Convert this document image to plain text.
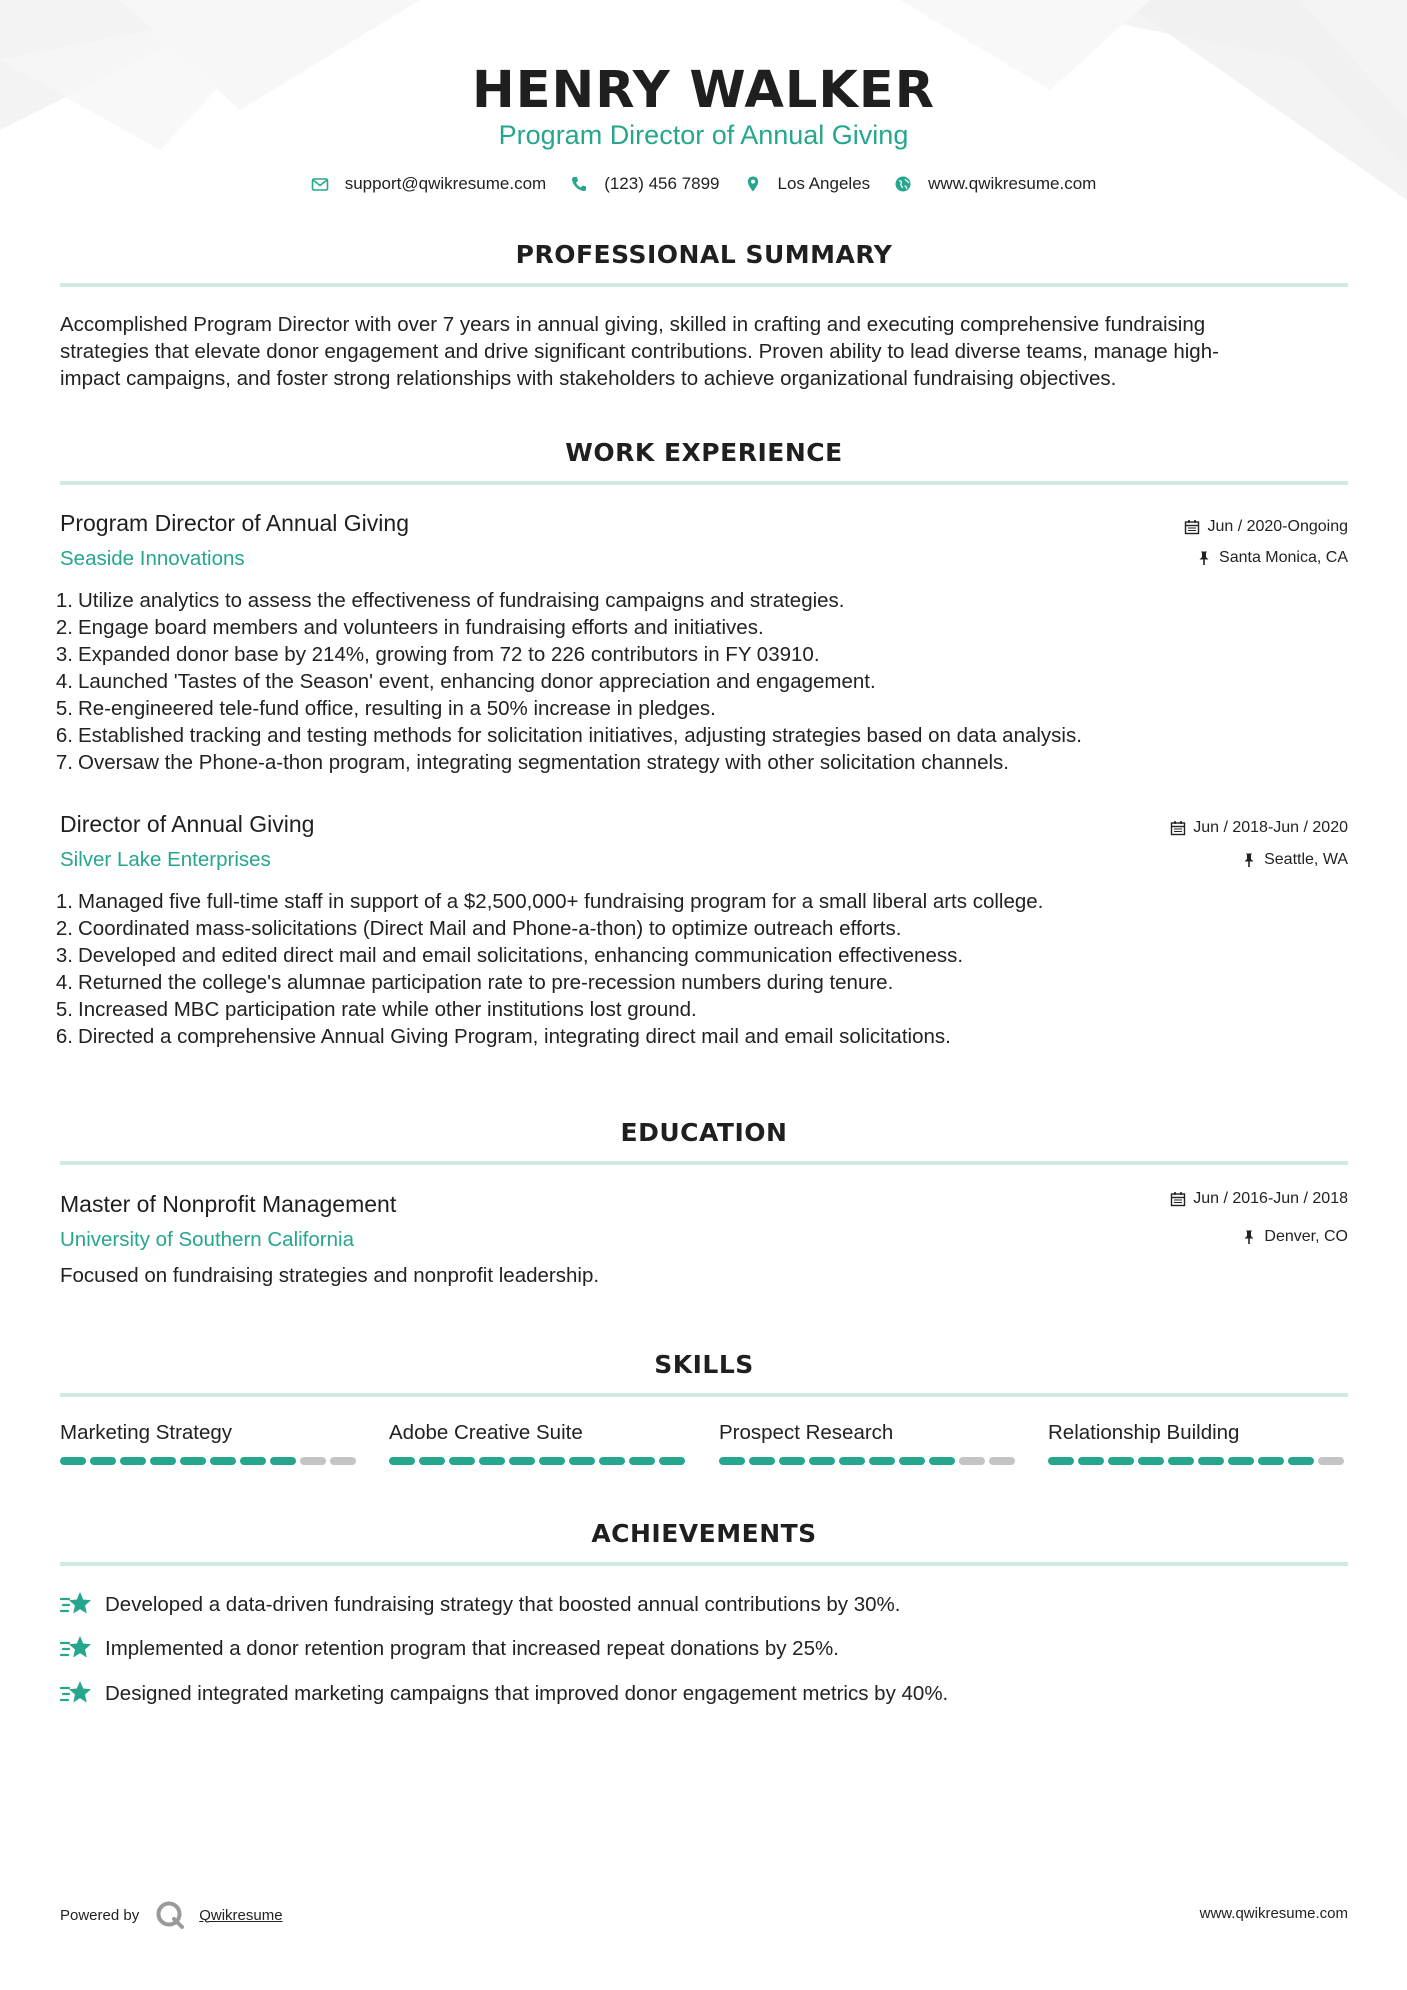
HENRY WALKER
Program Director of Annual Giving
support@qwikresume.com	(123) 456 7899	Los Angeles	www.qwikresume.com
PROFESSIONAL SUMMARY
Accomplished Program Director with over 7 years in annual giving, skilled in crafting and executing comprehensive fundraising
strategies that elevate donor engagement and drive significant contributions. Proven ability to lead diverse teams, manage high-
impact campaigns, and foster strong relationships with stakeholders to achieve organizational fundraising objectives.
WORK EXPERIENCE
Program Director of Annual Giving
Seaside Innovations
Jun / 2020-Ongoing
Santa Monica, CA
1. Utilize analytics to assess the effectiveness of fundraising campaigns and strategies.
2. Engage board members and volunteers in fundraising efforts and initiatives.
3. Expanded donor base by 214%, growing from 72 to 226 contributors in FY 03910.
4. Launched 'Tastes of the Season' event, enhancing donor appreciation and engagement.
5. Re-engineered tele-fund office, resulting in a 50% increase in pledges.
6. Established tracking and testing methods for solicitation initiatives, adjusting strategies based on data analysis.
7. Oversaw the Phone-a-thon program, integrating segmentation strategy with other solicitation channels.
Director of Annual Giving
Silver Lake Enterprises
Jun / 2018-Jun / 2020
Seattle, WA
1. Managed five full-time staff in support of a $2,500,000+ fundraising program for a small liberal arts college.
2. Coordinated mass-solicitations (Direct Mail and Phone-a-thon) to optimize outreach efforts.
3. Developed and edited direct mail and email solicitations, enhancing communication effectiveness.
4. Returned the college's alumnae participation rate to pre-recession numbers during tenure.
5. Increased MBC participation rate while other institutions lost ground.
6. Directed a comprehensive Annual Giving Program, integrating direct mail and email solicitations.
EDUCATION
Master of Nonprofit Management
University of Southern California
Jun / 2016-Jun / 2018
Denver, CO
Focused on fundraising strategies and nonprofit leadership.
SKILLS
Marketing Strategy	Adobe Creative Suite	Prospect Research	Relationship Building
ACHIEVEMENTS
Developed a data-driven fundraising strategy that boosted annual contributions by 30%.
Implemented a donor retention program that increased repeat donations by 25%.
Designed integrated marketing campaigns that improved donor engagement metrics by 40%.
Powered by	Qwikresume	www.qwikresume.com
